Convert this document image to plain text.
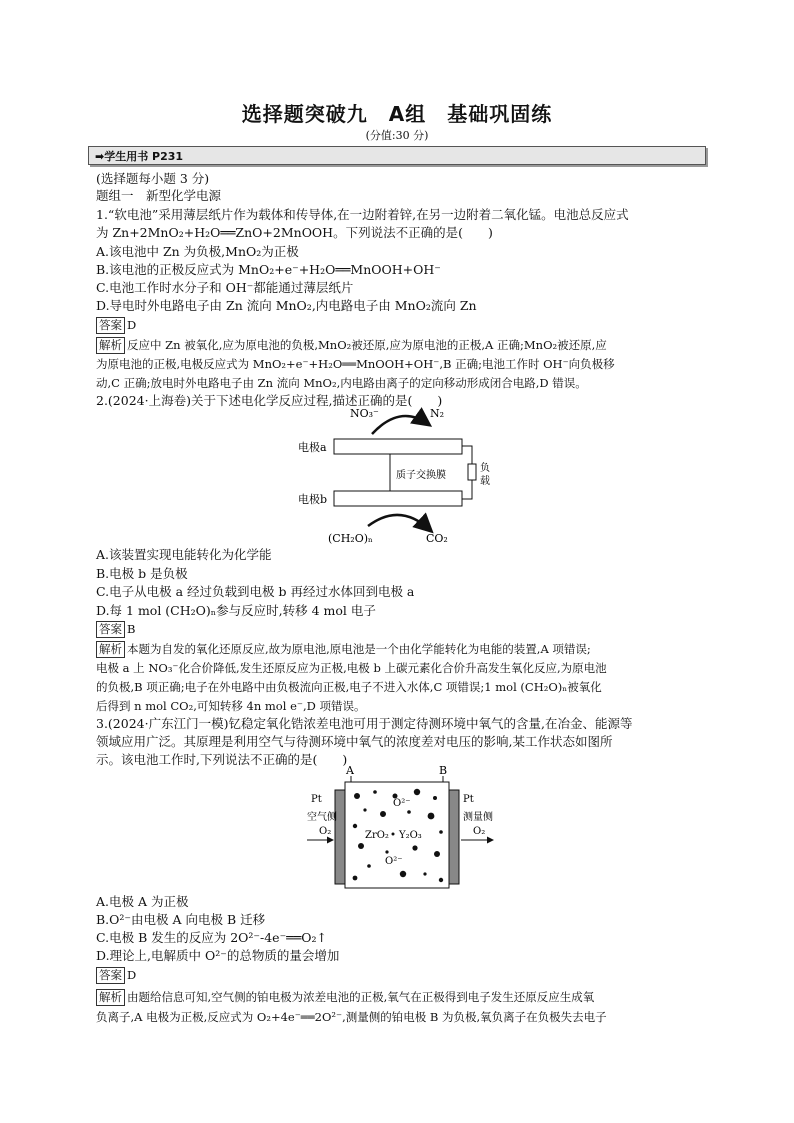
选择题突破九　A组　基础巩固练
(分值:30 分)
➡学生用书 P231
(选择题每小题 3 分)
题组一　新型化学电源
1.“软电池”采用薄层纸片作为载体和传导体,在一边附着锌,在另一边附着二氧化锰。电池总反应式
为 Zn+2MnO₂+H₂O══ZnO+2MnOOH。下列说法不正确的是(　　)
A.该电池中 Zn 为负极,MnO₂为正极
B.该电池的正极反应式为 MnO₂+e⁻+H₂O══MnOOH+OH⁻
C.电池工作时水分子和 OH⁻都能通过薄层纸片
D.导电时外电路电子由 Zn 流向 MnO₂,内电路电子由 MnO₂流向 Zn
答案 D
解析 反应中 Zn 被氧化,应为原电池的负极,MnO₂被还原,应为原电池的正极,A 正确;MnO₂被还原,应
为原电池的正极,电极反应式为 MnO₂+e⁻+H₂O══MnOOH+OH⁻,B 正确;电池工作时 OH⁻向负极移
动,C 正确;放电时外电路电子由 Zn 流向 MnO₂,内电路由离子的定向移动形成闭合电路,D 错误。
2.(2024·上海卷)关于下述电化学反应过程,描述正确的是(　　)
NO₃⁻	N₂
电极a
电极b
质子交换膜
负
载
(CH₂O)ₙ	CO₂
A.该装置实现电能转化为化学能
B.电极 b 是负极
C.电子从电极 a 经过负载到电极 b 再经过水体回到电极 a
D.每 1 mol (CH₂O)ₙ参与反应时,转移 4 mol 电子
答案 B
解析 本题为自发的氧化还原反应,故为原电池,原电池是一个由化学能转化为电能的装置,A 项错误;
电极 a 上 NO₃⁻化合价降低,发生还原反应为正极,电极 b 上碳元素化合价升高发生氧化反应,为原电池
的负极,B 项正确;电子在外电路中由负极流向正极,电子不进入水体,C 项错误;1 mol (CH₂O)ₙ被氧化
后得到 n mol CO₂,可知转移 4n mol e⁻,D 项错误。
3.(2024·广东江门一模)钇稳定氧化锆浓差电池可用于测定待测环境中氧气的含量,在冶金、能源等
领域应用广泛。其原理是利用空气与待测环境中氧气的浓度差对电压的影响,某工作状态如图所
示。该电池工作时,下列说法不正确的是(　　)
A	B
O²⁻
ZrO₂ Y₂O₃
O²⁻
Pt	Pt
空气侧	测量侧
O₂	O₂
A.电极 A 为正极
B.O²⁻由电极 A 向电极 B 迁移
C.电极 B 发生的反应为 2O²⁻-4e⁻══O₂↑
D.理论上,电解质中 O²⁻的总物质的量会增加
答案 D
解析 由题给信息可知,空气侧的铂电极为浓差电池的正极,氧气在正极得到电子发生还原反应生成氧
负离子,A 电极为正极,反应式为 O₂+4e⁻══2O²⁻,测量侧的铂电极 B 为负极,氧负离子在负极失去电子
